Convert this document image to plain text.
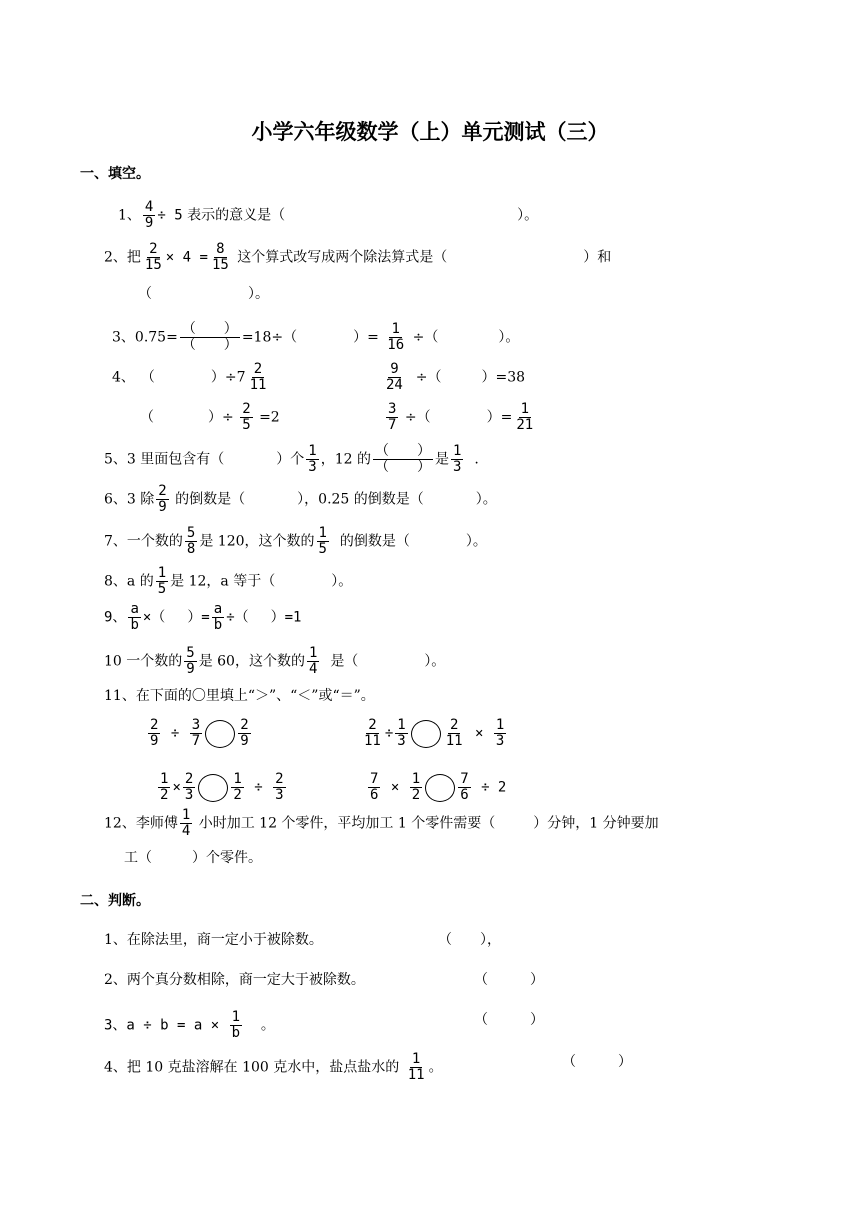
小学六年级数学（上）单元测试（三）
一、填空。
1、 $\frac{4}{9} \div 5$ 表示的意义是（	）。
2、把 $\frac{2}{15} \times 4 = \frac{8}{15}$ 这个算式改写成两个除法算式是（	）和
（	）。
3、$0.75= \frac{( )}{( )} =18\div$（	）= $\frac{1}{16}$ ÷（	）。
4、 （	）$\div 7 \frac{2}{11}$	$\frac{9}{24}$ ÷（	）=38
（	）÷ $\frac{2}{5} =2$	$\frac{3}{7}$ ÷（	）= $\frac{1}{21}$
5、3 里面包含有（	）个 $\frac{1}{3}$ ，12 的 $\frac{( )}{( )}$ 是 $\frac{1}{3}$ .
6、3 除 $\frac{2}{9}$ 的倒数是（	），0.25 的倒数是（	）。
7、一个数的 $\frac{5}{8}$ 是 120，这个数的 $\frac{1}{5}$ 的倒数是（	）。
8、a 的 $\frac{1}{5}$ 是 12，a 等于（	）。
9、 $\frac{a}{b}$ ×（ ）= $\frac{a}{b}$ ÷（ ）=1
10 一个数的 $\frac{5}{9}$ 是 60，这个数的 $\frac{1}{4}$ 是（	）。
11、在下面的〇里填上“＞”、“＜”或“＝”。
$\frac{2}{9} \div \frac{3}{7}$	$\frac{2}{9}$	$\frac{2}{11} \div \frac{1}{3}$	$\frac{2}{11} \times \frac{1}{3}$
$\frac{1}{2} \times \frac{2}{3}$	$\frac{1}{2} \div \frac{2}{3}$	$\frac{7}{6} \times \frac{1}{2}$	$\frac{7}{6} \div 2$
12、李师傅 $\frac{1}{4}$ 小时加工 12 个零件，平均加工 1 个零件需要（	）分钟，1 分钟要加
工（	）个零件。
二、判断。
1、在除法里，商一定小于被除数。	（　　），
2、两个真分数相除，商一定大于被除数。	（　　　）
3、$a \div b = a \times \frac{1}{b}$ 。	（　　　）
4、把 10 克盐溶解在 100 克水中，盐点盐水的 $\frac{1}{11}$ 。	（　　　）
